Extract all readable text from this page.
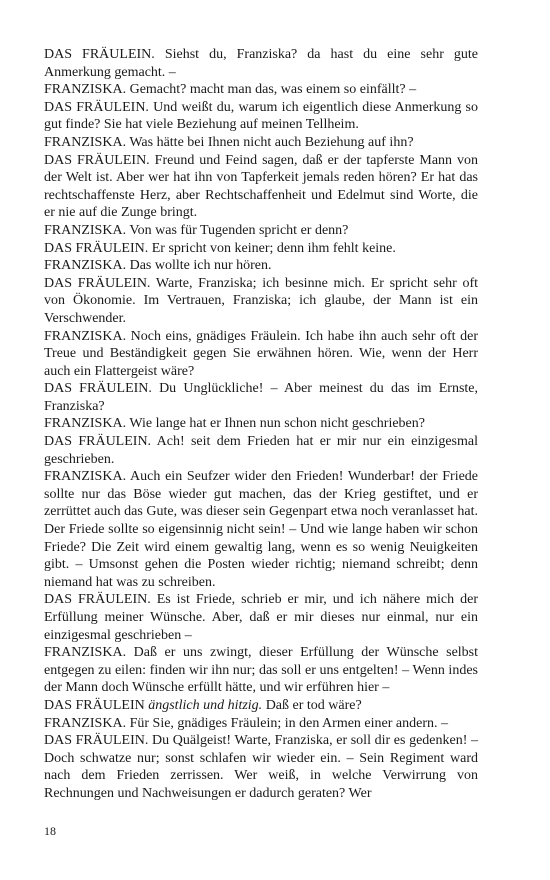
DAS FRÄULEIN. Siehst du, Franziska? da hast du eine sehr gute Anmerkung gemacht. –

FRANZISKA. Gemacht? macht man das, was einem so einfällt? –

DAS FRÄULEIN. Und weißt du, warum ich eigentlich diese Anmerkung so gut finde? Sie hat viele Beziehung auf meinen Tellheim.

FRANZISKA. Was hätte bei Ihnen nicht auch Beziehung auf ihn?

DAS FRÄULEIN. Freund und Feind sagen, daß er der tapferste Mann von der Welt ist. Aber wer hat ihn von Tapferkeit jemals reden hören? Er hat das rechtschaffenste Herz, aber Rechtschaffenheit und Edelmut sind Worte, die er nie auf die Zunge bringt.

FRANZISKA. Von was für Tugenden spricht er denn?

DAS FRÄULEIN. Er spricht von keiner; denn ihm fehlt keine.

FRANZISKA. Das wollte ich nur hören.

DAS FRÄULEIN. Warte, Franziska; ich besinne mich. Er spricht sehr oft von Ökonomie. Im Vertrauen, Franziska; ich glaube, der Mann ist ein Verschwender.

FRANZISKA. Noch eins, gnädiges Fräulein. Ich habe ihn auch sehr oft der Treue und Beständigkeit gegen Sie erwähnen hören. Wie, wenn der Herr auch ein Flattergeist wäre?

DAS FRÄULEIN. Du Unglückliche! – Aber meinest du das im Ernste, Franziska?

FRANZISKA. Wie lange hat er Ihnen nun schon nicht geschrieben?

DAS FRÄULEIN. Ach! seit dem Frieden hat er mir nur ein einzigesmal geschrieben.

FRANZISKA. Auch ein Seufzer wider den Frieden! Wunderbar! der Friede sollte nur das Böse wieder gut machen, das der Krieg gestiftet, und er zerrüttet auch das Gute, was dieser sein Gegenpart etwa noch veranlasset hat. Der Friede sollte so eigensinnig nicht sein! – Und wie lange haben wir schon Friede? Die Zeit wird einem gewaltig lang, wenn es so wenig Neuigkeiten gibt. – Umsonst gehen die Posten wieder richtig; niemand schreibt; denn niemand hat was zu schreiben.

DAS FRÄULEIN. Es ist Friede, schrieb er mir, und ich nähere mich der Erfüllung meiner Wünsche. Aber, daß er mir dieses nur einmal, nur ein einzigesmal geschrieben –

FRANZISKA. Daß er uns zwingt, dieser Erfüllung der Wünsche selbst entgegen zu eilen: finden wir ihn nur; das soll er uns entgelten! – Wenn indes der Mann doch Wünsche erfüllt hätte, und wir erführen hier –

DAS FRÄULEIN ängstlich und hitzig. Daß er tod wäre?

FRANZISKA. Für Sie, gnädiges Fräulein; in den Armen einer andern. –

DAS FRÄULEIN. Du Quälgeist! Warte, Franziska, er soll dir es gedenken! – Doch schwatze nur; sonst schlafen wir wieder ein. – Sein Regiment ward nach dem Frieden zerrissen. Wer weiß, in welche Verwirrung von Rechnungen und Nachweisungen er dadurch geraten? Wer

18
